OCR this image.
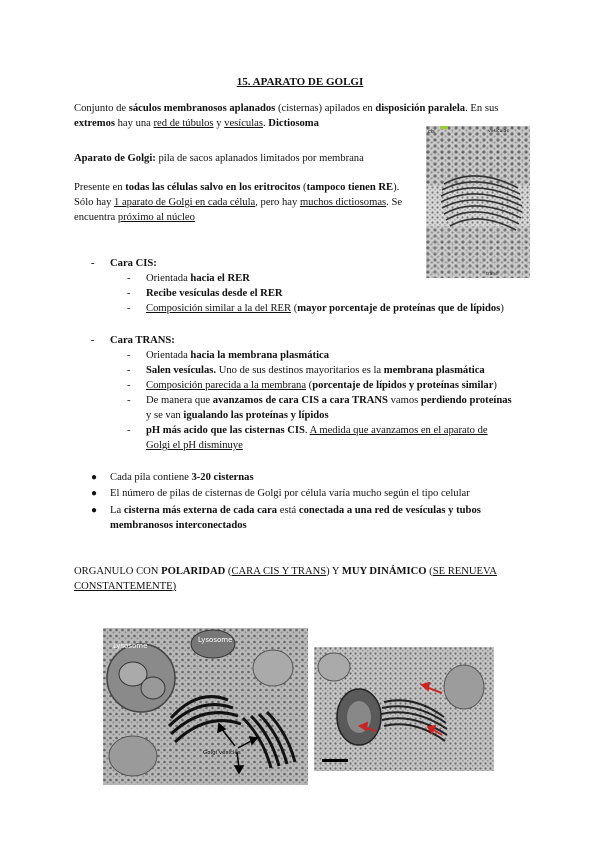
15. APARATO DE GOLGI
Conjunto de sáculos membranosos aplanados (cisternas) apilados en disposición paralela. En sus
extremos hay una red de túbulos y vesículas. Dictiosoma
Aparato de Golgi: pila de sacos aplanados limitados por membrana
Presente en todas las células salvo en los eritrocitos (tampoco tienen RE).
Sólo hay 1 aparato de Golgi en cada célula, pero hay muchos dictiosomas. Se
encuentra próximo al núcleo
cis	vesículas
trans
- Cara CIS:
- Orientada hacia el RER
- Recibe vesículas desde el RER
- Composición similar a la del RER (mayor porcentaje de proteínas que de lípidos)
- Cara TRANS:
- Orientada hacia la membrana plasmática
- Salen vesículas. Uno de sus destinos mayoritarios es la membrana plasmática
- Composición parecida a la membrana (porcentaje de lípidos y proteínas similar)
- De manera que avanzamos de cara CIS a cara TRANS vamos perdiendo proteínas
y se van igualando las proteínas y lípidos
- pH más acido que las cisternas CIS. A medida que avanzamos en el aparato de
Golgi el pH disminuye
● Cada pila contiene 3-20 cisternas
● El número de pilas de cisternas de Golgi por célula varía mucho según el tipo celular
● La cisterna más externa de cada cara está conectada a una red de vesículas y tubos
membranosos interconectados
ORGANULO CON POLARIDAD (CARA CIS Y TRANS) Y MUY DINÁMICO (SE RENUEVA
CONSTANTEMENTE)
Lysosome
Lysosome
Golgi vesicles
